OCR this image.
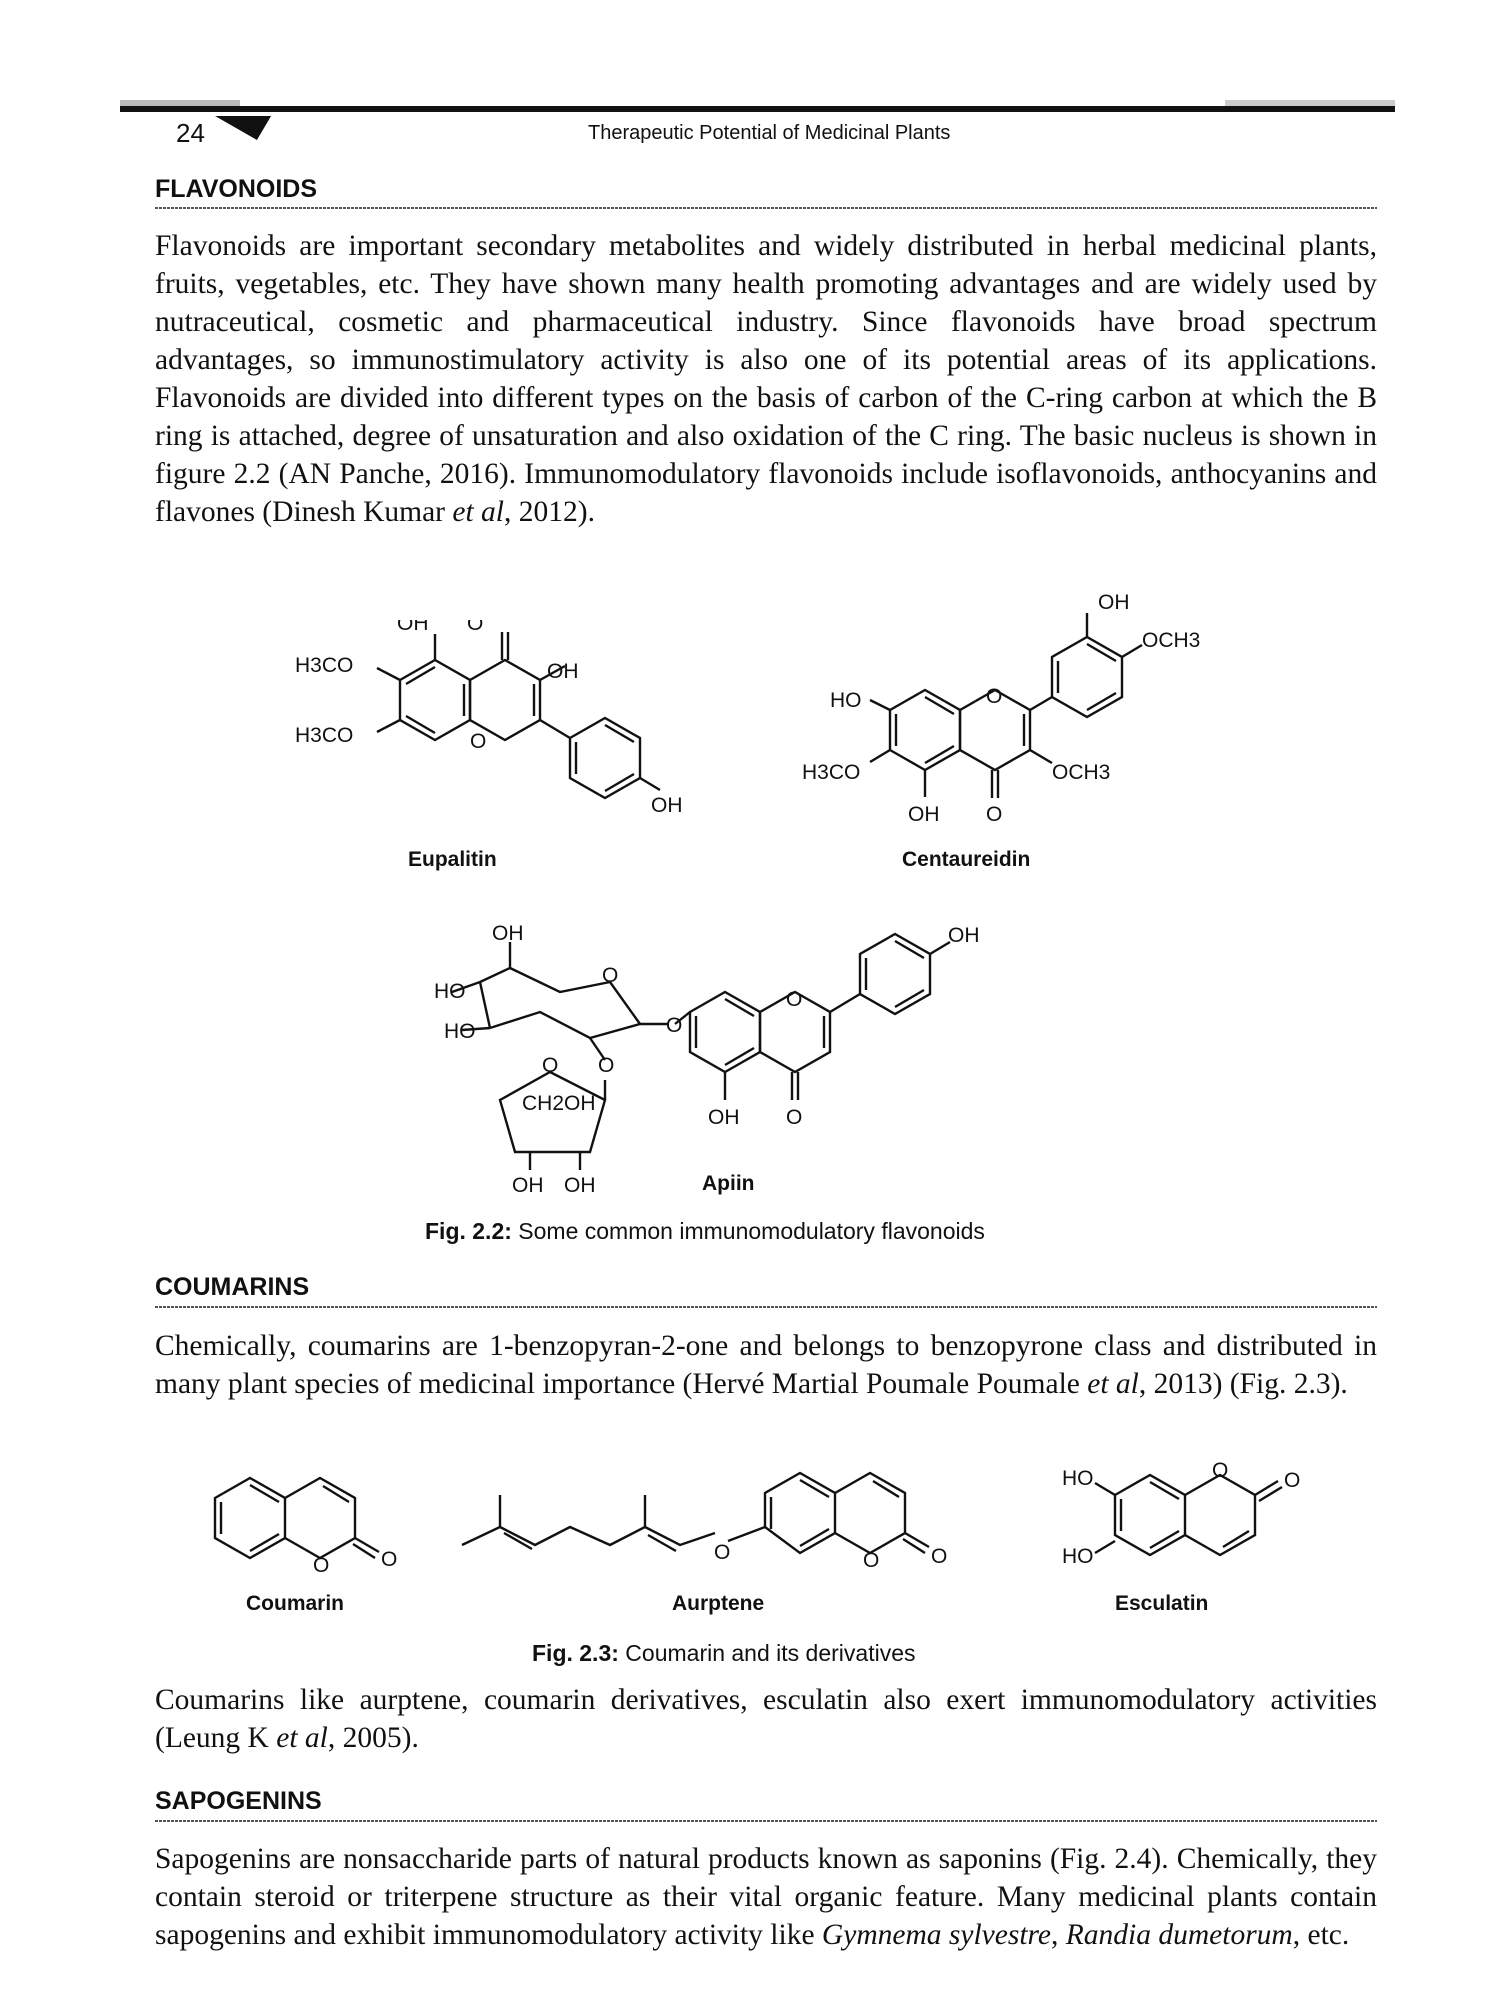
24	Therapeutic Potential of Medicinal Plants
FLAVONOIDS

Flavonoids are important secondary metabolites and widely distributed in herbal medicinal plants, fruits, vegetables, etc. They have shown many health promoting advantages and are widely used by nutraceutical, cosmetic and pharmaceutical industry. Since flavonoids have broad spectrum advantages, so immunostimulatory activity is also one of its potential areas of its applications. Flavonoids are divided into different types on the basis of carbon of the C-ring carbon at which the B ring is attached, degree of unsaturation and also oxidation of the C ring. The basic nucleus is shown in figure 2.2 (AN Panche, 2016). Immunomodulatory flavonoids include isoflavonoids, anthocyanins and flavones (Dinesh Kumar et al, 2012).

OH O
H3CO
H3CO
OH
O
OH
Eupalitin
OH
OCH3
HO	O
H3CO	OCH3
OH O
Centaureidin
OH
HO
HO
O
O
O
O
CH2OH
OH OH
O
OH
OH O
Apiin
Fig. 2.2: Some common immunomodulatory flavonoids
COUMARINS

Chemically, coumarins are 1-benzopyran-2-one and belongs to benzopyrone class and distributed in many plant species of medicinal importance (Hervé Martial Poumale Poumale et al, 2013) (Fig. 2.3).

O O
Coumarin
O	O O
Aurptene
HO
HO
O	O
Esculatin
Fig. 2.3: Coumarin and its derivatives

Coumarins like aurptene, coumarin derivatives, esculatin also exert immunomodulatory activities (Leung K et al, 2005).

SAPOGENINS

Sapogenins are nonsaccharide parts of natural products known as saponins (Fig. 2.4). Chemically, they contain steroid or triterpene structure as their vital organic feature. Many medicinal plants contain sapogenins and exhibit immunomodulatory activity like Gymnema sylvestre, Randia dumetorum, etc.
